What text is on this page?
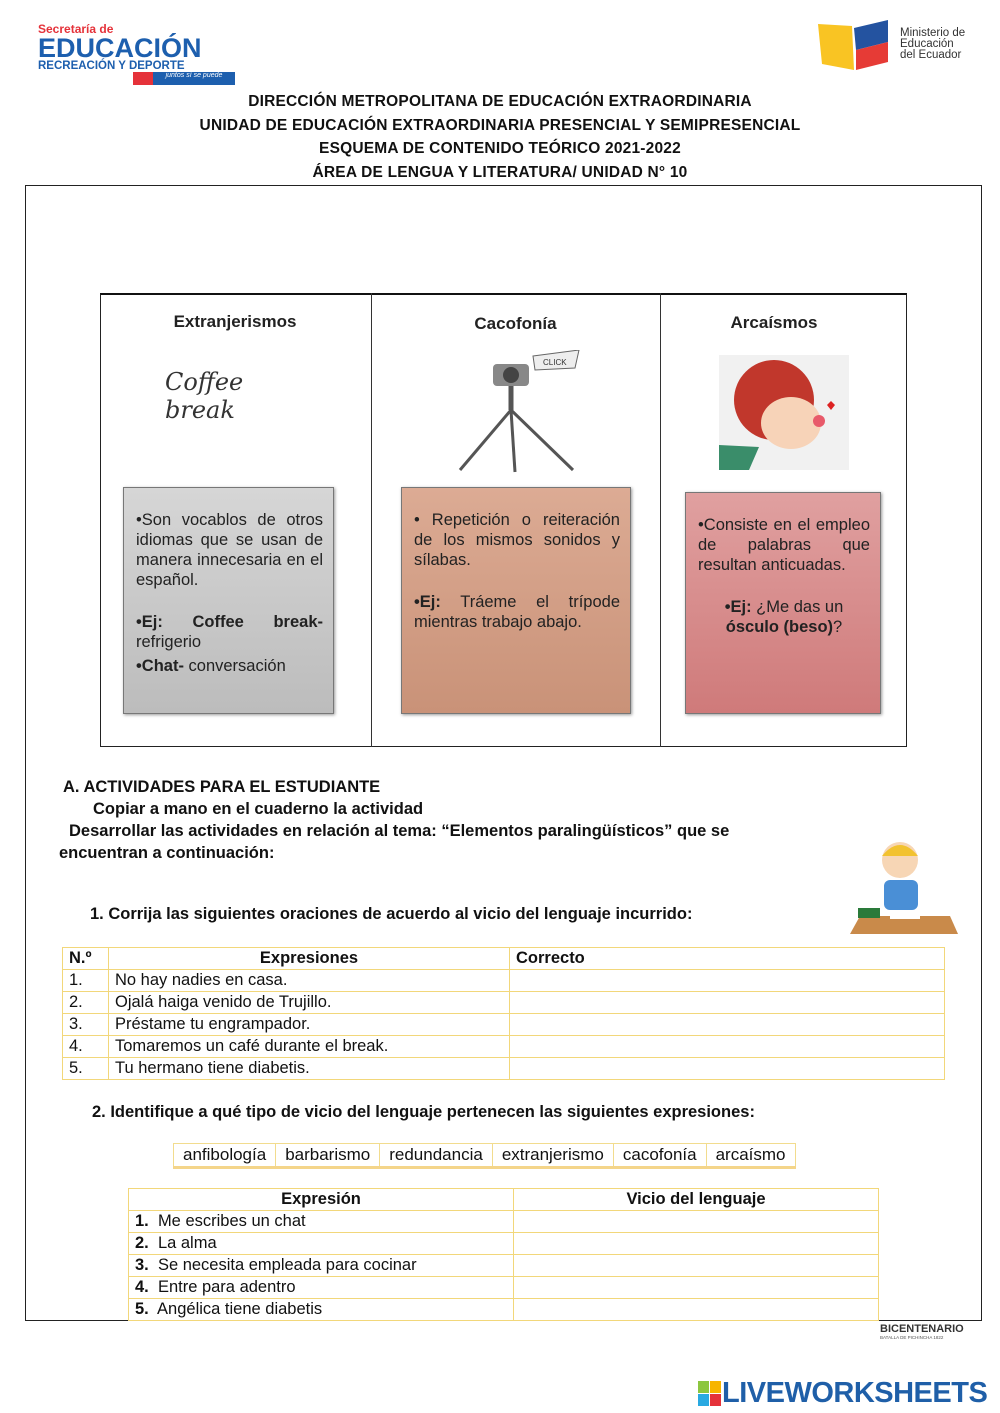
Secretaría de
EDUCACIÓN
RECREACIÓN Y DEPORTE
juntos sí se puede
Ministerio de
Educación
del Ecuador
DIRECCIÓN METROPOLITANA DE EDUCACIÓN EXTRAORDINARIA
UNIDAD DE EDUCACIÓN EXTRAORDINARIA PRESENCIAL Y SEMIPRESENCIAL
ESQUEMA DE CONTENIDO TEÓRICO 2021-2022
ÁREA DE LENGUA Y LITERATURA/ UNIDAD N° 10
Extranjerismos	Cacofonía	Arcaísmos
Coffee break
CLICK

•Son vocablos de otros idiomas que se usan de manera innecesaria en el español.

•Ej: Coffee break- refrigerio
•Chat- conversación

• Repetición o reiteración de los mismos sonidos y sílabas.

•Ej: Tráeme el trípode mientras trabajo abajo.

•Consiste en el empleo de palabras que resultan anticuadas.

•Ej: ¿Me das un ósculo (beso)?
A. ACTIVIDADES PARA EL ESTUDIANTE
Copiar a mano en el cuaderno la actividad
Desarrollar las actividades en relación al tema: “Elementos paralingüísticos” que se
encuentran a continuación:
1. Corrija las siguientes oraciones de acuerdo al vicio del lenguaje incurrido:
N.º	Expresiones	Correcto
1.	No hay nadies en casa.	
2.	Ojalá haiga venido de Trujillo.	
3.	Préstame tu engrampador.	
4.	Tomaremos un café durante el break.	
5.	Tu hermano tiene diabetis.	
2. Identifique a qué tipo de vicio del lenguaje pertenecen las siguientes expresiones:
anfibología	barbarismo	redundancia	extranjerismo	cacofonía	arcaísmo
Expresión	Vicio del lenguaje
1. Me escribes un chat	
2. La alma	
3. Se necesita empleada para cocinar	
4. Entre para adentro	
5. Angélica tiene diabetis	
BICENTENARIO
BATALLA DE PICHINCHA 1822
LIVEWORKSHEETS
